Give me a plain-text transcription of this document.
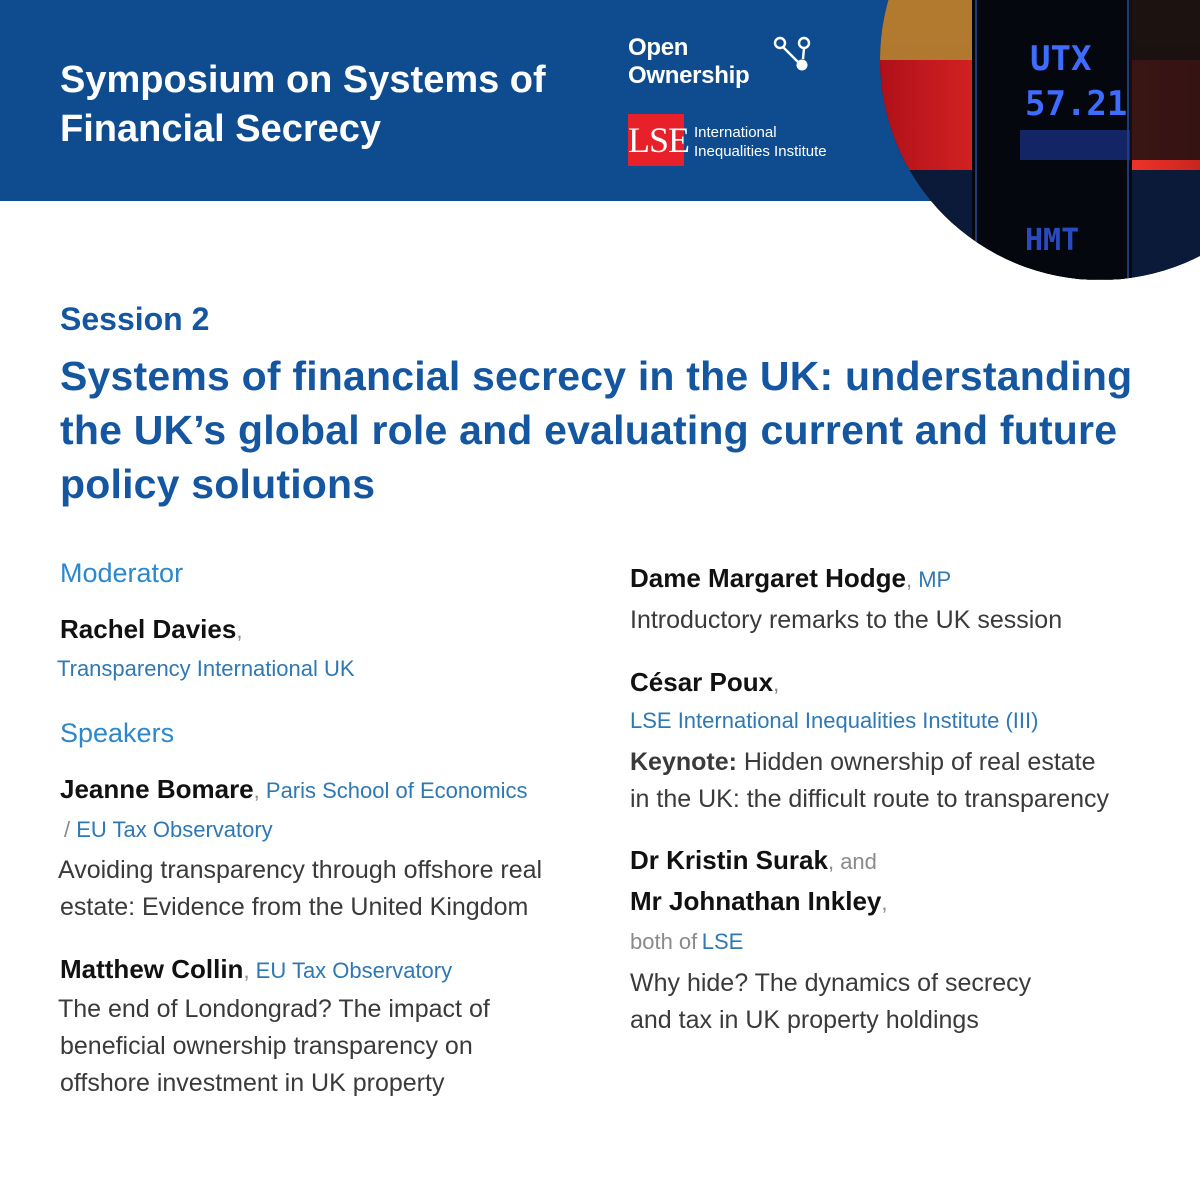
Symposium on Systems of Financial Secrecy
Open Ownership
LSE International Inequalities Institute
UTX
57.21
HMT
Session 2
Systems of financial secrecy in the UK: understanding the UK’s global role and evaluating current and future policy solutions
Moderator
Rachel Davies,
Transparency International UK
Speakers
Jeanne Bomare, Paris School of Economics
/ EU Tax Observatory
Avoiding transparency through offshore real
estate: Evidence from the United Kingdom
Matthew Collin, EU Tax Observatory
The end of Londongrad? The impact of
beneficial ownership transparency on
offshore investment in UK property
Dame Margaret Hodge, MP
Introductory remarks to the UK session
César Poux,
LSE International Inequalities Institute (III)
Keynote: Hidden ownership of real estate
in the UK: the difficult route to transparency
Dr Kristin Surak, and
Mr Johnathan Inkley,
both of LSE
Why hide? The dynamics of secrecy
and tax in UK property holdings
